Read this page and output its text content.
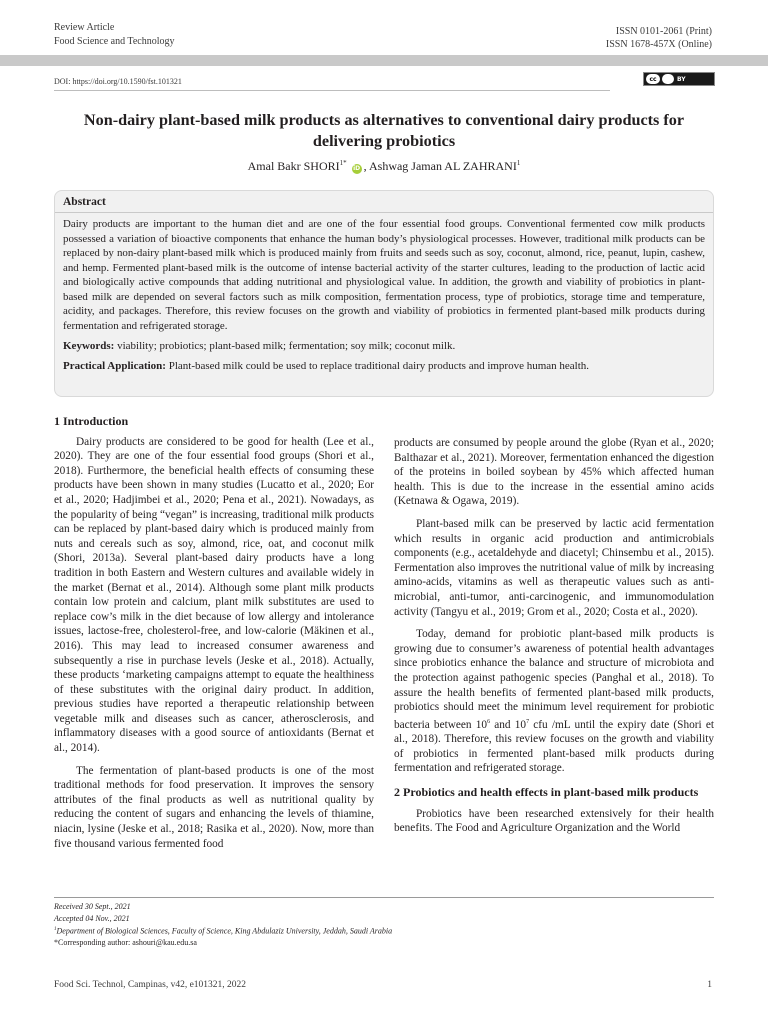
Review Article
Food Science and Technology
ISSN 0101-2061 (Print)
ISSN 1678-457X (Online)
DOI: https://doi.org/10.1590/fst.101321	cc	BY
Non-dairy plant-based milk products as alternatives to conventional dairy products for delivering probiotics
Amal Bakr $SHORI^{1*}$ iD , Ashwag Jaman AL ZAHRANI$^1$
Abstract
Dairy products are important to the human diet and are one of the four essential food groups. Conventional fermented cow milk products possessed a variation of bioactive components that enhance the human body’s physiological processes. However, traditional milk products can be replaced by non-dairy plant-based milk which is produced mainly from fruits and seeds such as soy, coconut, almond, rice, peanut, lupin, cashew, and hemp. Fermented plant-based milk is the outcome of intense bacterial activity of the starter cultures, leading to the production of lactic acid and biologically active compounds that adding nutritional and physiological value. In addition, the growth and viability of probiotics in plant-based milk are depended on several factors such as milk composition, fermentation process, type of probiotics, storage time and temperature, acidity, and packages. Therefore, this review focuses on the growth and viability of probiotics in fermented plant-based milk products during fermentation and refrigerated storage.
Keywords: viability; probiotics; plant-based milk; fermentation; soy milk; coconut milk.
Practical Application: Plant-based milk could be used to replace traditional dairy products and improve human health.
1 Introduction

Dairy products are considered to be good for health (Lee et al., 2020). They are one of the four essential food groups (Shori et al., 2018). Furthermore, the beneficial health effects of consuming these products have been shown in many studies (Lucatto et al., 2020; Eor et al., 2020; Hadjimbei et al., 2020; Pena et al., 2021). Nowadays, as the popularity of being “vegan” is increasing, traditional milk products can be replaced by plant-based dairy which is produced mainly from nuts and cereals such as soy, almond, rice, oat, and coconut milk (Shori, 2013a). Several plant-based dairy products have a long tradition in both Eastern and Western cultures and available widely in the market (Bernat et al., 2014). Although some plant milk products contain low protein and calcium, plant milk substitutes are used to replace cow’s milk in the diet because of low allergy and intolerance issues, lactose-free, cholesterol-free, and low-calorie (Mäkinen et al., 2016). This may lead to increased consumer awareness and subsequently a rise in purchase levels (Jeske et al., 2018). Actually, these products ‘marketing campaigns attempt to equate the healthiness of these substitutes with the original dairy product. In addition, previous studies have reported a therapeutic relationship between vegetable milk and diseases such as cancer, atherosclerosis, and inflammatory diseases with a good source of antioxidants (Bernat et al., 2014).

The fermentation of plant-based products is one of the most traditional methods for food preservation. It improves the sensory attributes of the final products as well as nutritional quality by reducing the content of sugars and enhancing the levels of thiamine, niacin, lysine (Jeske et al., 2018; Rasika et al., 2020). Now, more than five thousand various fermented food

products are consumed by people around the globe (Ryan et al., 2020; Balthazar et al., 2021). Moreover, fermentation enhanced the digestion of the proteins in boiled soybean by 45% which affected human health. This is due to the increase in the essential amino acids (Ketnawa & Ogawa, 2019).

Plant-based milk can be preserved by lactic acid fermentation which results in organic acid production and antimicrobials components (e.g., acetaldehyde and diacetyl; Chinsembu et al., 2015). Fermentation also improves the nutritional value of milk by increasing amino-acids, vitamins as well as therapeutic values such as anti-microbial, anti-tumor, anti-carcinogenic, and immunomodulation activity (Tangyu et al., 2019; Grom et al., 2020; Costa et al., 2020).

Today, demand for probiotic plant-based milk products is growing due to consumer’s awareness of potential health advantages since probiotics enhance the balance and structure of microbiota and the protection against pathogenic species (Panghal et al., 2018). To assure the health benefits of fermented plant-based milk products, probiotics should meet the minimum level requirement for probiotic bacteria between $10^6$ and $10^7$ cfu /mL until the expiry date (Shori et al., 2018). Therefore, this review focuses on the growth and viability of probiotics in fermented plant-based milk products during fermentation and refrigerated storage.

2 Probiotics and health effects in plant-based milk products

Probiotics have been researched extensively for their health benefits. The Food and Agriculture Organization and the World

Received 30 Sept., 2021
Accepted 04 Nov., 2021
$^1$Department of Biological Sciences, Faculty of Science, King Abdulaziz University, Jeddah, Saudi Arabia
*Corresponding author: ashouri@kau.edu.sa
Food Sci. Technol, Campinas, v42, e101321, 2022	1
